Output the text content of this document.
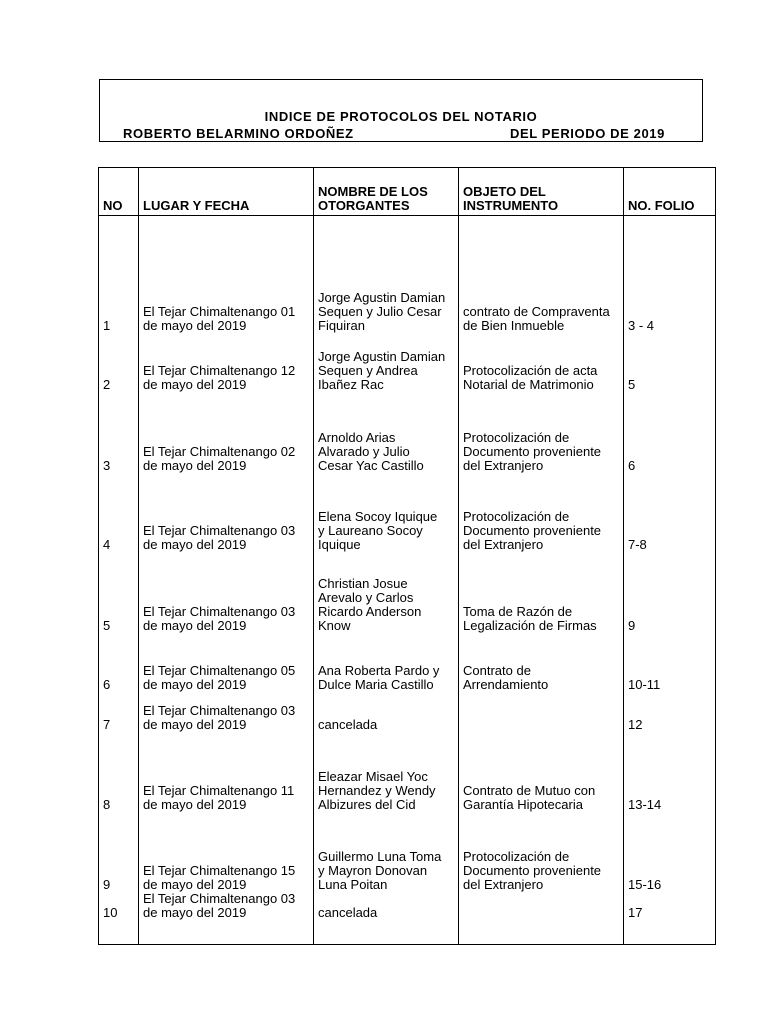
INDICE DE PROTOCOLOS DEL NOTARIO
ROBERTO BELARMINO ORDOÑEZ	DEL PERIODO DE 2019
NO	LUGAR Y FECHA	NOMBRE DE LOS OTORGANTES	OBJETO DEL INSTRUMENTO	NO. FOLIO

1	El Tejar Chimaltenango 01
de mayo del 2019	Jorge Agustin Damian
Sequen y Julio Cesar
Fiquiran	contrato de Compraventa
de Bien Inmueble	3 - 4

2	El Tejar Chimaltenango 12
de mayo del 2019	Jorge Agustin Damian
Sequen y Andrea
Ibañez Rac	Protocolización de acta
Notarial de Matrimonio	5

3	El Tejar Chimaltenango 02
de mayo del 2019	Arnoldo Arias
Alvarado y Julio
Cesar Yac Castillo	Protocolización de
Documento proveniente
del Extranjero	6

4	El Tejar Chimaltenango 03
de mayo del 2019	Elena Socoy Iquique
y Laureano Socoy
Iquique	Protocolización de
Documento proveniente
del Extranjero	7-8

5	El Tejar Chimaltenango 03
de mayo del 2019	Christian Josue
Arevalo y Carlos
Ricardo Anderson
Know	Toma de Razón de
Legalización de Firmas	9

6	El Tejar Chimaltenango 05
de mayo del 2019	Ana Roberta Pardo y
Dulce Maria Castillo	Contrato de
Arrendamiento	10-11

7	El Tejar Chimaltenango 03
de mayo del 2019	cancelada		12

8	El Tejar Chimaltenango 11
de mayo del 2019	Eleazar Misael Yoc
Hernandez y Wendy
Albizures del Cid	Contrato de Mutuo con
Garantía Hipotecaria	13-14

9	El Tejar Chimaltenango 15
de mayo del 2019	Guillermo Luna Toma
y Mayron Donovan
Luna Poitan	Protocolización de
Documento proveniente
del Extranjero	15-16

10	El Tejar Chimaltenango 03
de mayo del 2019	cancelada		17
